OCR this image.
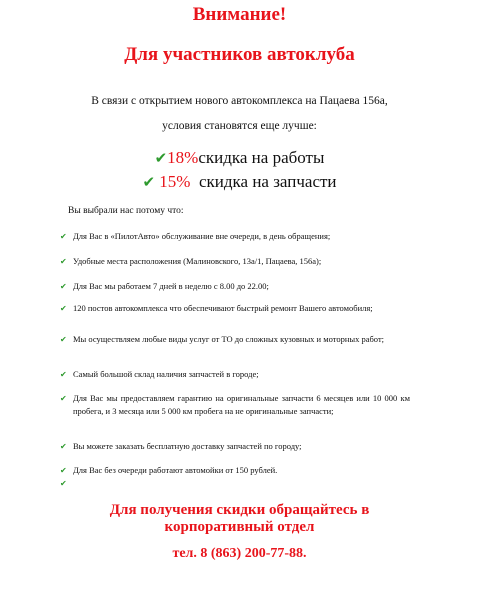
Внимание!
Для участников автоклуба
В связи с открытием нового автокомплекса на Пацаева 156а,
условия становятся еще лучше:
✔18%скидка на работы
✔ 15% скидка на запчасти
Вы выбрали нас потому что:
✔ Для Вас в «ПилотАвто» обслуживание вне очереди, в день обращения;
✔ Удобные места расположения (Малиновского, 13а/1, Пацаева, 156а);
✔ Для Вас мы работаем 7 дней в неделю с 8.00 до 22.00;
✔ 120 постов автокомплекса что обеспечивают быстрый ремонт Вашего автомобиля;
✔ Мы осуществляем любые виды услуг от ТО до сложных кузовных и моторных работ;
✔ Самый большой склад наличия запчастей в городе;
✔ Для Вас мы предоставляем гарантию на оригинальные запчасти 6 месяцев или 10 000 км пробега, и 3 месяца или 5 000 км пробега на не оригинальные запчасти;
✔ Вы можете заказать бесплатную доставку запчастей по городу;
✔ Для Вас без очереди работают автомойки от 150 рублей.
✔
Для получения скидки обращайтесь в
корпоративный отдел
тел. 8 (863) 200-77-88.
